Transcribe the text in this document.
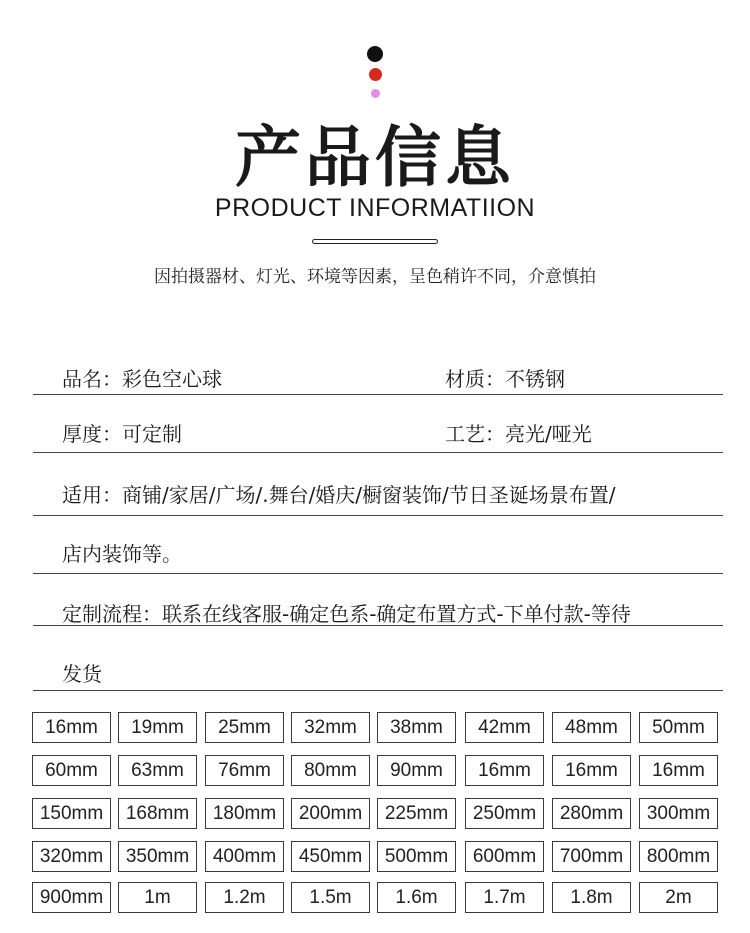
产品信息
PRODUCT INFORMATIION
因拍摄器材、灯光、环境等因素，呈色稍许不同，介意慎拍
品名：彩色空心球	材质：不锈钢
厚度：可定制	工艺：亮光/哑光
适用：商铺/家居/广场/.舞台/婚庆/橱窗装饰/节日圣诞场景布置/
店内装饰等。
定制流程：联系在线客服-确定色系-确定布置方式-下单付款-等待
发货
16mm	19mm	25mm	32mm	38mm	42mm	48mm	50mm
60mm	63mm	76mm	80mm	90mm	16mm	16mm	16mm
150mm	168mm	180mm	200mm	225mm	250mm	280mm	300mm
320mm	350mm	400mm	450mm	500mm	600mm	700mm	800mm
900mm	1m	1.2m	1.5m	1.6m	1.7m	1.8m	2m
